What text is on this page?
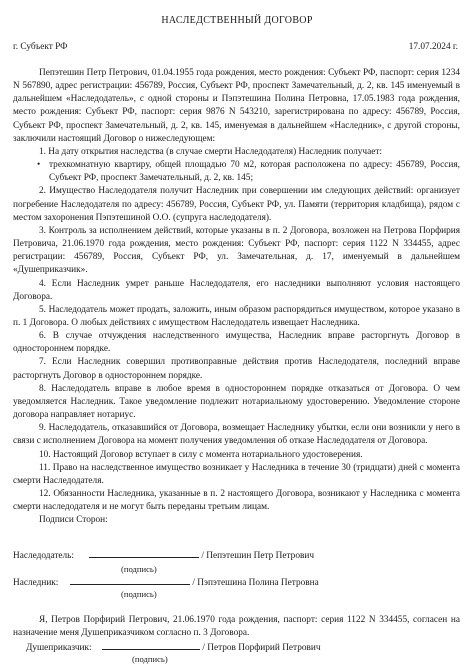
НАСЛЕДСТВЕННЫЙ ДОГОВОР
г. Субъект РФ	17.07.2024 г.

Пепэтешин Петр Петрович, 01.04.1955 года рождения, место рождения: Субъект РФ, паспорт: серия 1234 N 567890, адрес регистрации: 456789, Россия, Субъект РФ, проспект Замечательный, д. 2, кв. 145 именуемый в дальнейшем «Наследодатель», с одной стороны и Пэпэтешина Полина Петровна, 17.05.1983 года рождения, место рождения: Субъект РФ, паспорт: серия 9876 N 543210, зарегистрирована по адресу: 456789, Россия, Субъект РФ, проспект Замечательный, д. 2, кв. 145, именуемая в дальнейшем «Наследник», с другой стороны, заключили настоящий Договор о нижеследующем:

1. На дату открытия наследства (в случае смерти Наследодателя) Наследник получает:

• трехкомнатную квартиру, общей площадью 70 м2, которая расположена по адресу: 456789, Россия, Субъект РФ, проспект Замечательный, д. 2, кв. 145;

2. Имущество Наследодателя получит Наследник при совершении им следующих действий: организует погребение Наследодателя по адресу: 456789, Россия, Субъект РФ, ул. Памяти (территория кладбища), рядом с местом захоронения Пэпэтешиной О.О. (супруга наследодателя).

3. Контроль за исполнением действий, которые указаны в п. 2 Договора, возложен на Петрова Порфирия Петровича, 21.06.1970 года рождения, место рождения: Субъект РФ, паспорт: серия 1122 N 334455, адрес регистрации: 456789, Россия, Субъект РФ, ул. Замечательная, д. 17, именуемый в дальнейшем «Душеприказчик».

4. Если Наследник умрет раньше Наследодателя, его наследники выполняют условия настоящего Договора.

5. Наследодатель может продать, заложить, иным образом распорядиться имуществом, которое указано в п. 1 Договора. О любых действиях с имуществом Наследодатель извещает Наследника.

6. В случае отчуждения наследственного имущества, Наследник вправе расторгнуть Договор в одностороннем порядке.

7. Если Наследник совершил противоправные действия против Наследодателя, последний вправе расторгнуть Договор в одностороннем порядке.

8. Наследодатель вправе в любое время в одностороннем порядке отказаться от Договора. О чем уведомляется Наследник. Такое уведомление подлежит нотариальному удостоверению. Уведомление стороне договора направляет нотариус.

9. Наследодатель, отказавшийся от Договора, возмещает Наследнику убытки, если они возникли у него в связи с исполнением Договора на момент получения уведомления об отказе Наследодателя от Договора.

10. Настоящий Договор вступает в силу с момента нотариального удостоверения.

11. Право на наследственное имущество возникает у Наследника в течение 30 (тридцати) дней с момента смерти Наследодателя.

12. Обязанности Наследника, указанные в п. 2 настоящего Договора, возникают у Наследника с момента смерти наследодателя и не могут быть переданы третьим лицам.

Подписи Сторон:

Наследодатель:	/ Пепэтешин Петр Петрович
(подпись)
Наследник:	/ Пэпэтешина Полина Петровна
(подпись)
Я, Петров Порфирий Петрович, 21.06.1970 года рождения, паспорт: серия 1122 N 334455, согласен на назначение меня Душеприказчиком согласно п. 3 Договора.
Душеприказчик:	/ Петров Порфирий Петрович
(подпись)
